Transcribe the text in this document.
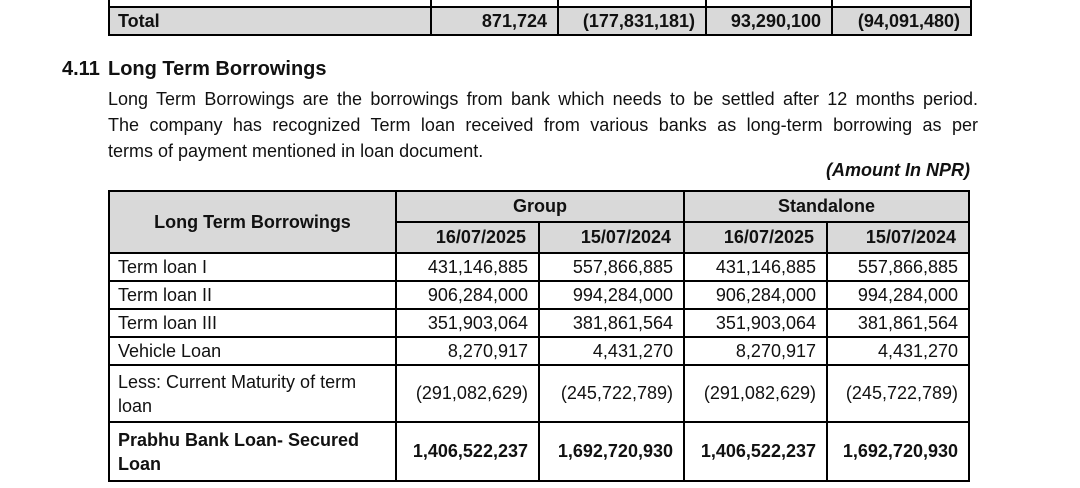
Total	871,724	(177,831,181)	93,290,100	(94,091,480)
4.11 Long Term Borrowings
Long Term Borrowings are the borrowings from bank which needs to be settled after 12 months period.
The company has recognized Term loan received from various banks as long-term borrowing as per
terms of payment mentioned in loan document.
(Amount In NPR)
Long Term Borrowings	Group		Standalone	
	16/07/2025	15/07/2024	16/07/2025	15/07/2024
Term loan I	431,146,885	557,866,885	431,146,885	557,866,885
Term loan II	906,284,000	994,284,000	906,284,000	994,284,000
Term loan III	351,903,064	381,861,564	351,903,064	381,861,564
Vehicle Loan	8,270,917	4,431,270	8,270,917	4,431,270
Less: Current Maturity of term loan	(291,082,629)	(245,722,789)	(291,082,629)	(245,722,789)
Prabhu Bank Loan- Secured Loan	1,406,522,237	1,692,720,930	1,406,522,237	1,692,720,930
